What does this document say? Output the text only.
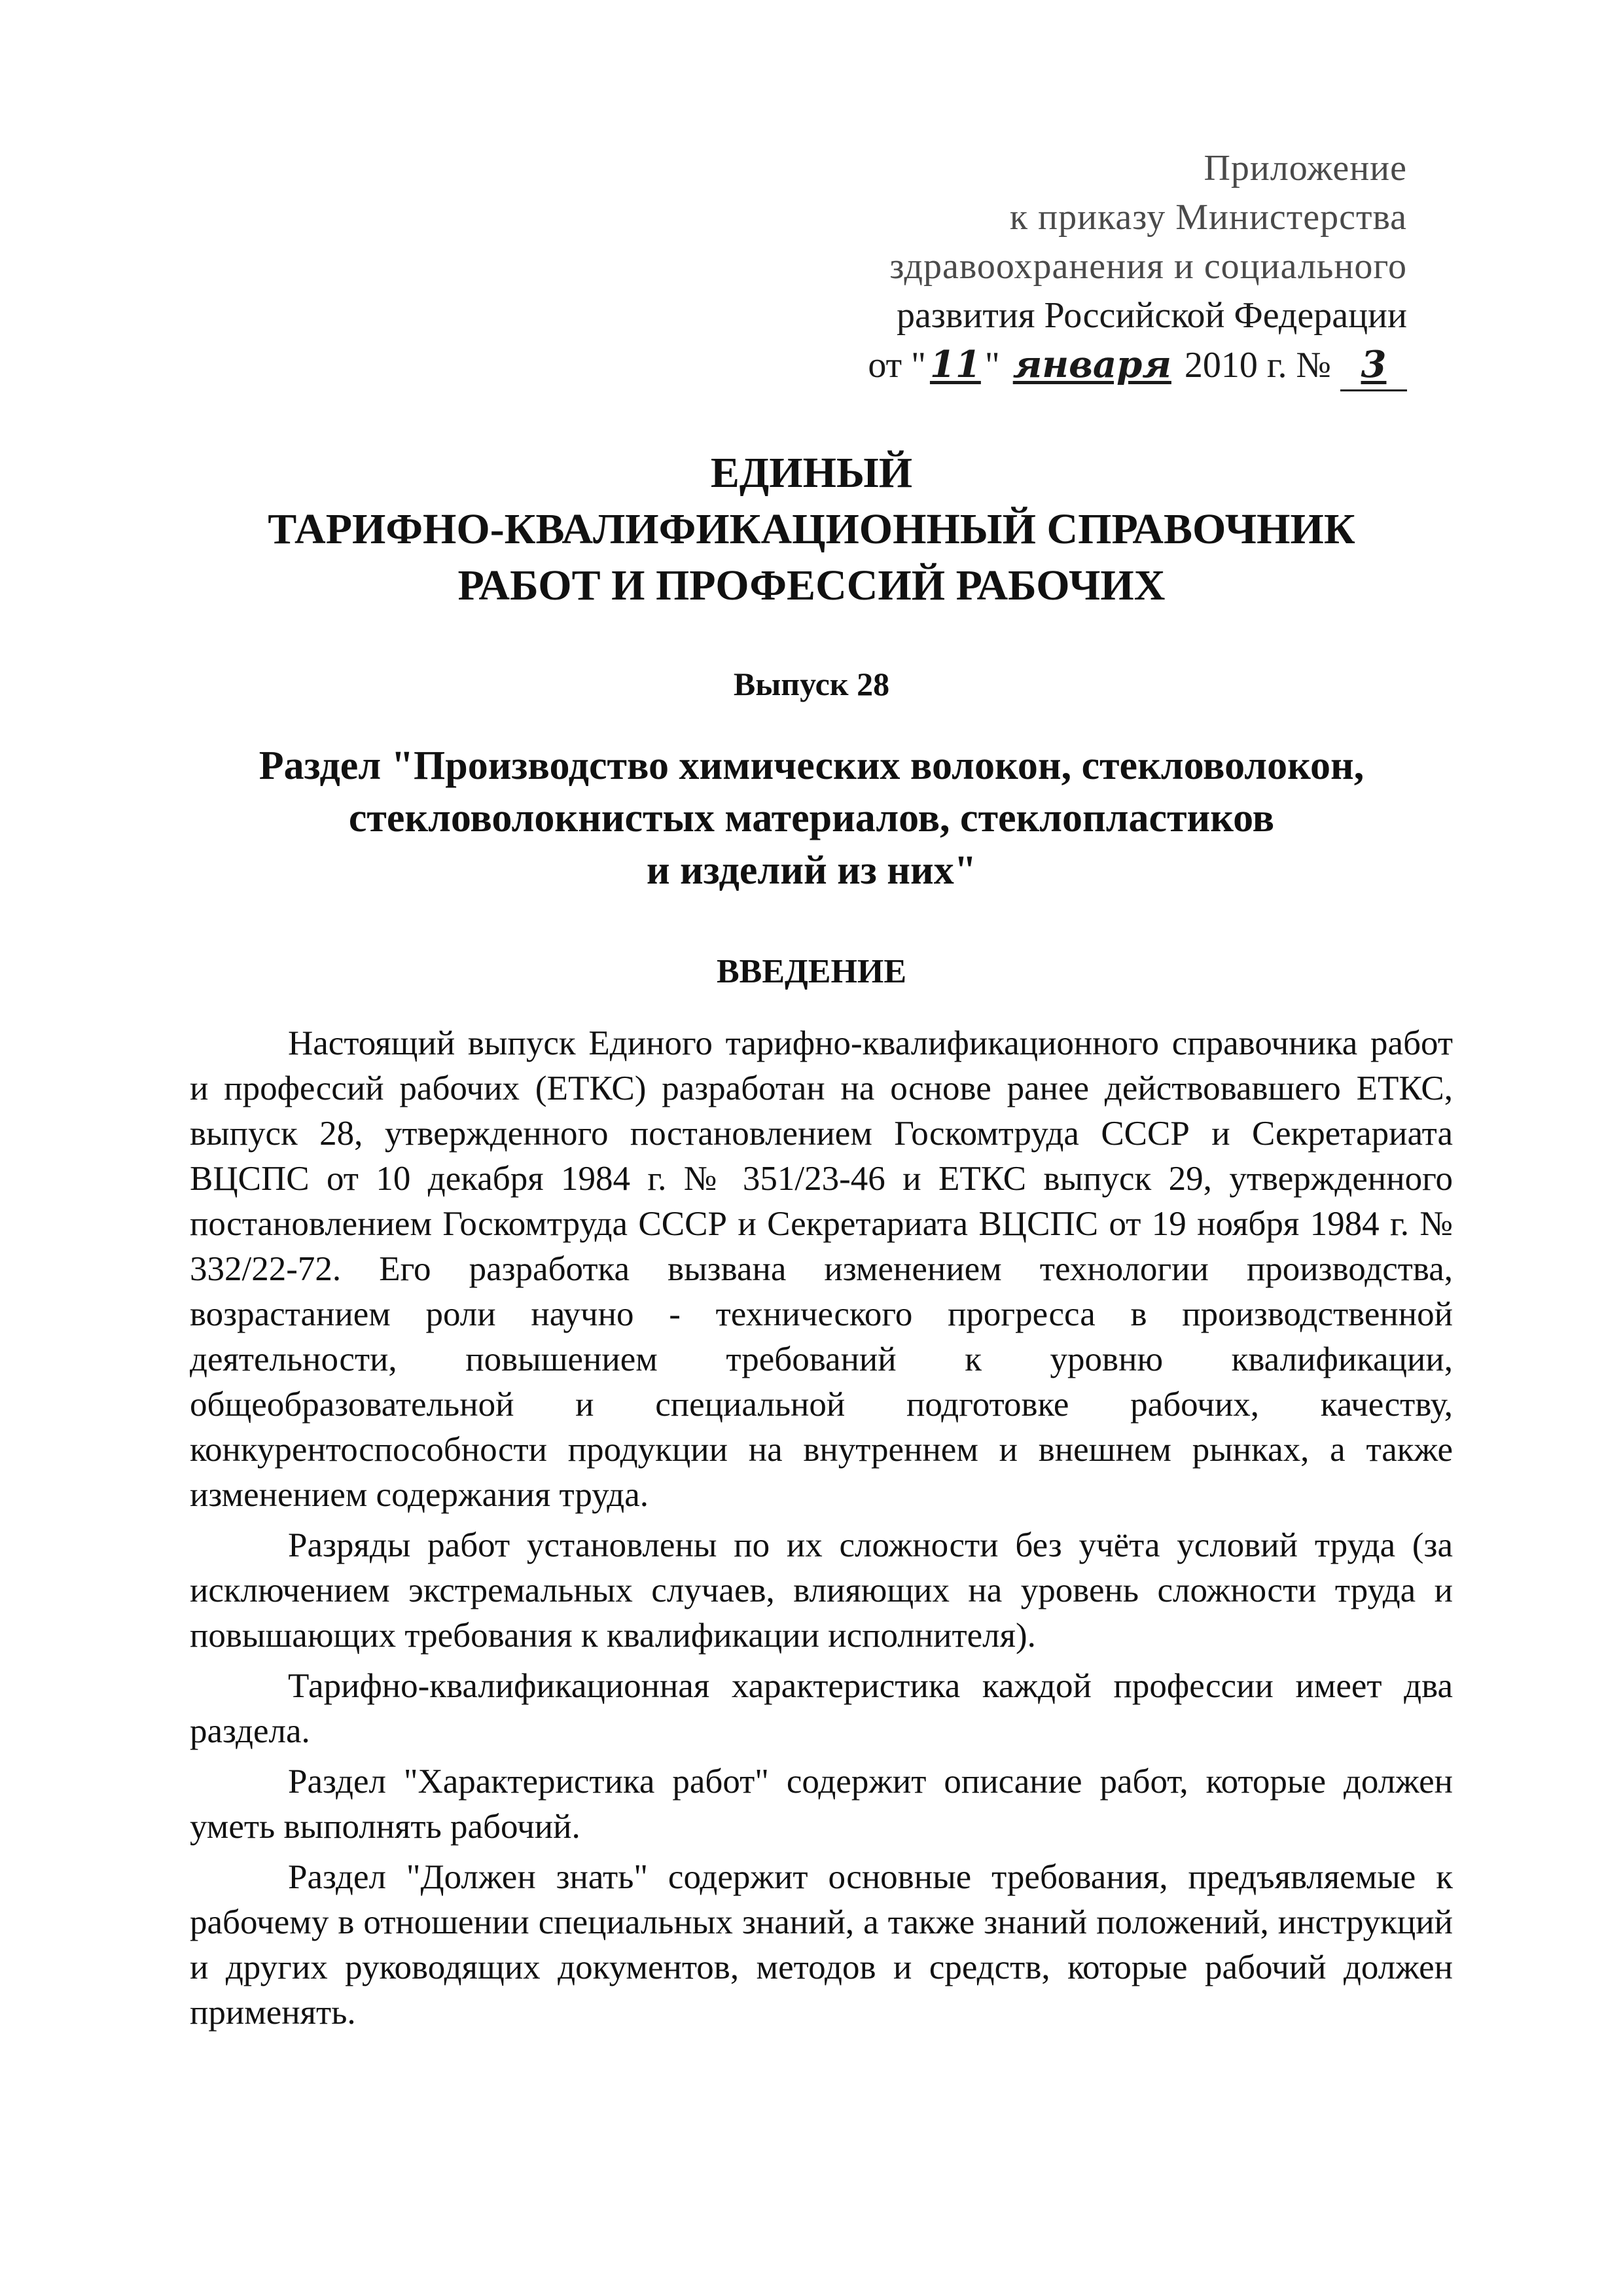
Приложение
к приказу Министерства
здравоохранения и социального
развития Российской Федерации
от " 11 " января 2010 г. № 3
ЕДИНЫЙ
ТАРИФНО-КВАЛИФИКАЦИОННЫЙ СПРАВОЧНИК
РАБОТ И ПРОФЕССИЙ РАБОЧИХ
Выпуск 28
Раздел "Производство химических волокон, стекловолокон,
стекловолокнистых материалов, стеклопластиков
и изделий из них"
ВВЕДЕНИЕ

Настоящий выпуск Единого тарифно-квалификационного справочника работ и профессий рабочих (ЕТКС) разработан на основе ранее действовавшего ЕТКС, выпуск 28, утвержденного постановлением Госкомтруда СССР и Секретариата ВЦСПС от 10 декабря 1984 г. № 351/23-46 и ЕТКС выпуск 29, утвержденного постановлением Госкомтруда СССР и Секретариата ВЦСПС от 19 ноября 1984 г. № 332/22-72. Его разработка вызвана изменением технологии производства, возрастанием роли научно - технического прогресса в производственной деятельности, повышением требований к уровню квалификации, общеобразовательной и специальной подготовке рабочих, качеству, конкурентоспособности продукции на внутреннем и внешнем рынках, а также изменением содержания труда.

Разряды работ установлены по их сложности без учёта условий труда (за исключением экстремальных случаев, влияющих на уровень сложности труда и повышающих требования к квалификации исполнителя).

Тарифно-квалификационная характеристика каждой профессии имеет два раздела.

Раздел "Характеристика работ" содержит описание работ, которые должен уметь выполнять рабочий.

Раздел "Должен знать" содержит основные требования, предъявляемые к рабочему в отношении специальных знаний, а также знаний положений, инструкций и других руководящих документов, методов и средств, которые рабочий должен применять.
